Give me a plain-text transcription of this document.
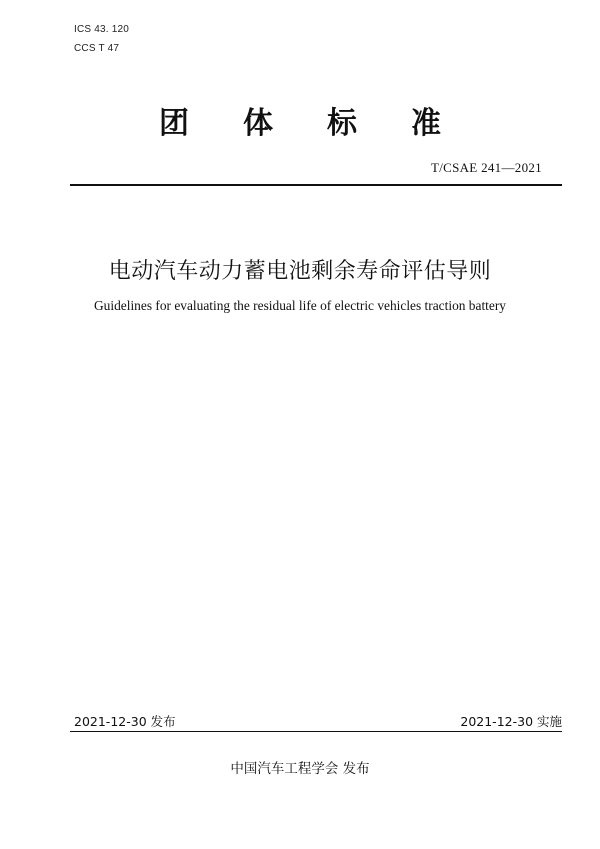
ICS 43. 120
CCS T 47
团体标准
T/CSAE 241—2021
电动汽车动力蓄电池剩余寿命评估导则
Guidelines for evaluating the residual life of electric vehicles traction battery
2021-12-30 发布	2021-12-30 实施
中国汽车工程学会 发布
